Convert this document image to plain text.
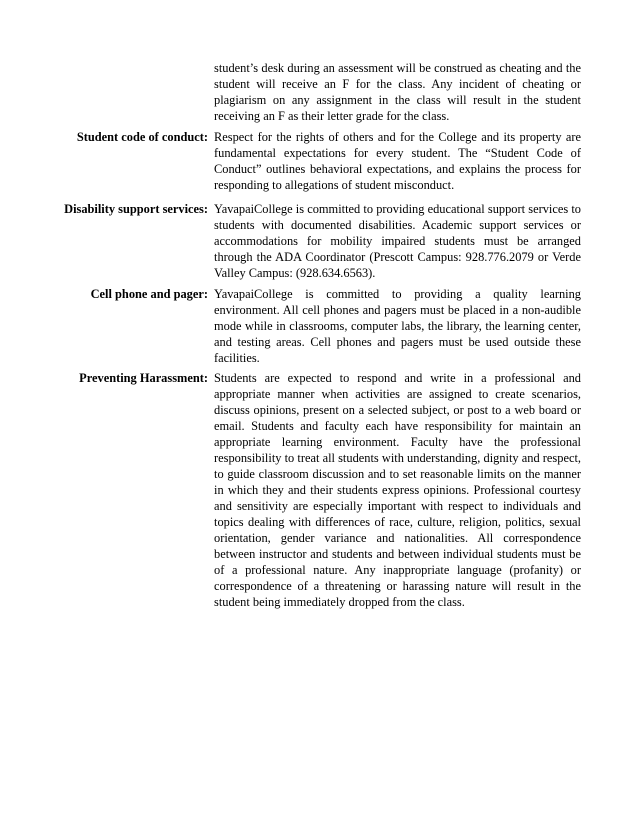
student’s desk during an assessment will be construed as cheating and the student will receive an F for the class. Any incident of cheating or plagiarism on any assignment in the class will result in the student receiving an F as their letter grade for the class.
Student code of conduct: Respect for the rights of others and for the College and its property are fundamental expectations for every student. The “Student Code of Conduct” outlines behavioral expectations, and explains the process for responding to allegations of student misconduct.
Disability support services: YavapaiCollege is committed to providing educational support services to students with documented disabilities. Academic support services or accommodations for mobility impaired students must be arranged through the ADA Coordinator (Prescott Campus: 928.776.2079 or Verde Valley Campus: (928.634.6563).
Cell phone and pager: YavapaiCollege is committed to providing a quality learning environment. All cell phones and pagers must be placed in a non-audible mode while in classrooms, computer labs, the library, the learning center, and testing areas. Cell phones and pagers must be used outside these facilities.
Preventing Harassment: Students are expected to respond and write in a professional and appropriate manner when activities are assigned to create scenarios, discuss opinions, present on a selected subject, or post to a web board or email. Students and faculty each have responsibility for maintain an appropriate learning environment. Faculty have the professional responsibility to treat all students with understanding, dignity and respect, to guide classroom discussion and to set reasonable limits on the manner in which they and their students express opinions. Professional courtesy and sensitivity are especially important with respect to individuals and topics dealing with differences of race, culture, religion, politics, sexual orientation, gender variance and nationalities. All correspondence between instructor and students and between individual students must be of a professional nature. Any inappropriate language (profanity) or correspondence of a threatening or harassing nature will result in the student being immediately dropped from the class.
